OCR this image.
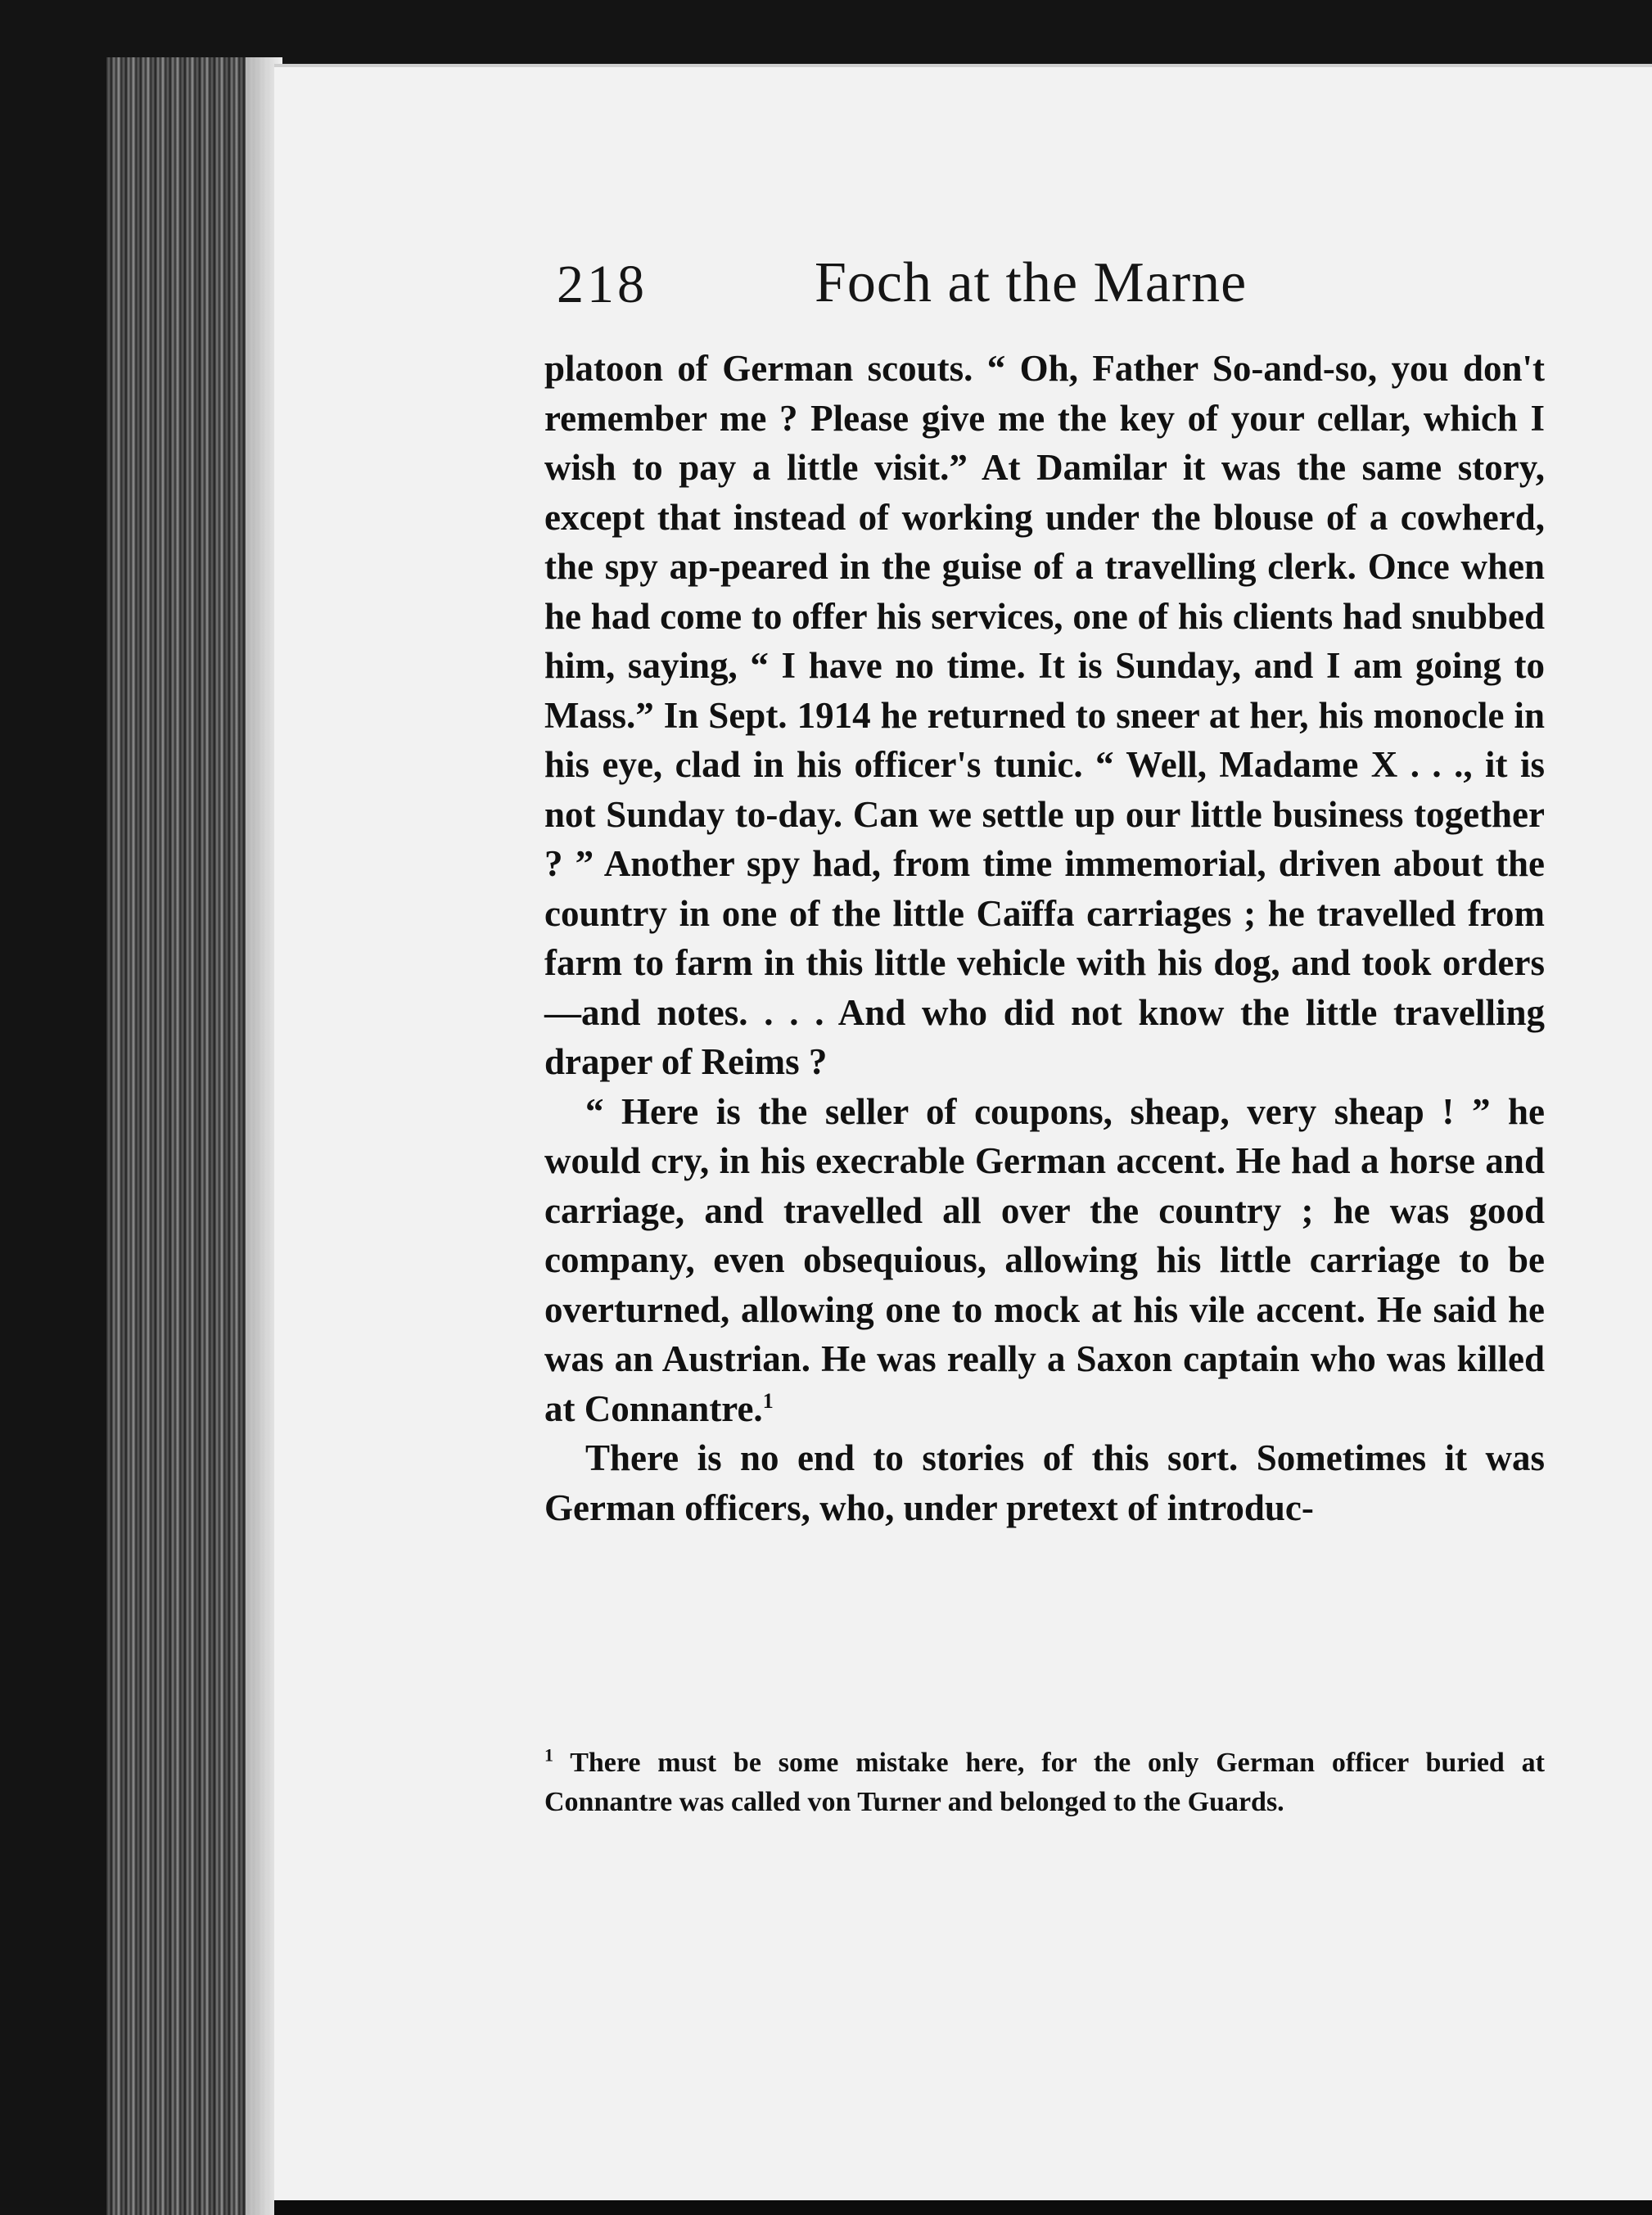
218	Foch at the Marne

platoon of German scouts. “ Oh, Father So-and-so, you don't remember me ? Please give me the key of your cellar, which I wish to pay a little visit.” At Damilar it was the same story, except that instead of working under the blouse of a cowherd, the spy ap-peared in the guise of a travelling clerk. Once when he had come to offer his services, one of his clients had snubbed him, saying, “ I have no time. It is Sunday, and I am going to Mass.” In Sept. 1914 he returned to sneer at her, his monocle in his eye, clad in his officer's tunic. “ Well, Madame X . . ., it is not Sunday to-day. Can we settle up our little business together ? ” Another spy had, from time immemorial, driven about the country in one of the little Caïffa carriages ; he travelled from farm to farm in this little vehicle with his dog, and took orders—and notes. . . . And who did not know the little travelling draper of Reims ?

“ Here is the seller of coupons, sheap, very sheap ! ” he would cry, in his execrable German accent. He had a horse and carriage, and travelled all over the country ; he was good company, even obsequious, allowing his little carriage to be overturned, allowing one to mock at his vile accent. He said he was an Austrian. He was really a Saxon captain who was killed at Connantre.$^1$

There is no end to stories of this sort. Sometimes it was German officers, who, under pretext of introduc-

$^1$ There must be some mistake here, for the only German officer buried at Connantre was called von Turner and belonged to the Guards.
